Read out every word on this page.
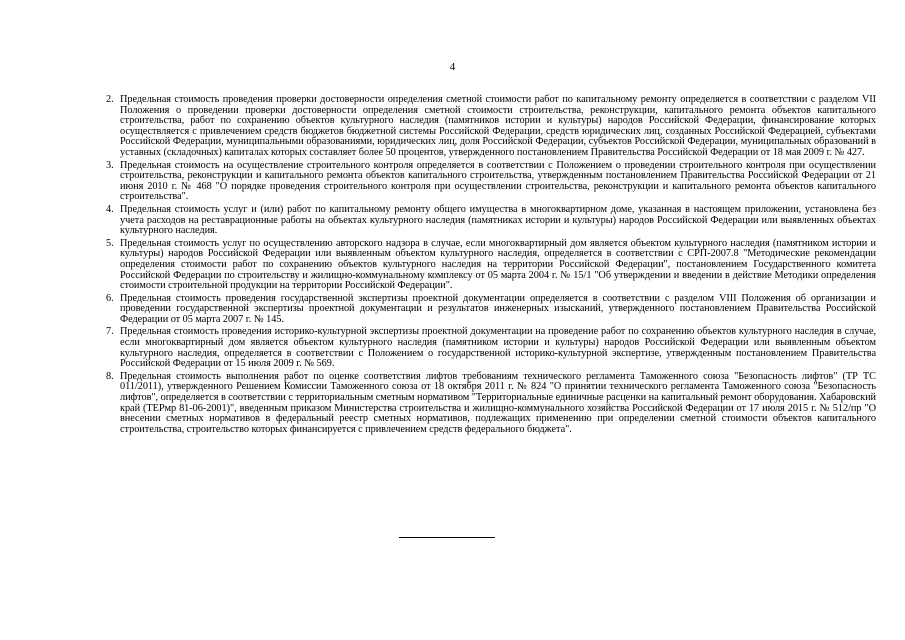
4
2. Предельная стоимость проведения проверки достоверности определения сметной стоимости работ по капитальному ремонту определяется в соответствии с разделом VII Положения о проведении проверки достоверности определения сметной стоимости строительства, реконструкции, капитального ремонта объектов капитального строительства, работ по сохранению объектов культурного наследия (памятников истории и культуры) народов Российской Федерации, финансирование которых осуществляется с привлечением средств бюджетов бюджетной системы Российской Федерации, средств юридических лиц, созданных Российской Федерацией, субъектами Российской Федерации, муниципальными образованиями, юридических лиц, доля Российской Федерации, субъектов Российской Федерации, муниципальных образований в уставных (складочных) капиталах которых составляет более 50 процентов, утвержденного постановлением Правительства Российской Федерации от 18 мая 2009 г. № 427.
3. Предельная стоимость на осуществление строительного контроля определяется в соответствии с Положением о проведении строительного контроля при осуществлении строительства, реконструкции и капитального ремонта объектов капитального строительства, утвержденным постановлением Правительства Российской Федерации от 21 июня 2010 г. № 468 "О порядке проведения строительного контроля при осуществлении строительства, реконструкции и капитального ремонта объектов капитального строительства".
4. Предельная стоимость услуг и (или) работ по капитальному ремонту общего имущества в многоквартирном доме, указанная в настоящем приложении, установлена без учета расходов на реставрационные работы на объектах культурного наследия (памятниках истории и культуры) народов Российской Федерации или выявленных объектах культурного наследия.
5. Предельная стоимость услуг по осуществлению авторского надзора в случае, если многоквартирный дом является объектом культурного наследия (памятником истории и культуры) народов Российской Федерации или выявленным объектом культурного наследия, определяется в соответствии с СРП-2007.8 "Методические рекомендации определения стоимости работ по сохранению объектов культурного наследия на территории Российской Федерации", постановлением Государственного комитета Российской Федерации по строительству и жилищно-коммунальному комплексу от 05 марта 2004 г. № 15/1 "Об утверждении и введении в действие Методики определения стоимости строительной продукции на территории Российской Федерации".
6. Предельная стоимость проведения государственной экспертизы проектной документации определяется в соответствии с разделом VIII Положения об организации и проведении государственной экспертизы проектной документации и результатов инженерных изысканий, утвержденного постановлением Правительства Российской Федерации от 05 марта 2007 г. № 145.
7. Предельная стоимость проведения историко-культурной экспертизы проектной документации на проведение работ по сохранению объектов культурного наследия в случае, если многоквартирный дом является объектом культурного наследия (памятником истории и культуры) народов Российской Федерации или выявленным объектом культурного наследия, определяется в соответствии с Положением о государственной историко-культурной экспертизе, утвержденным постановлением Правительства Российской Федерации от 15 июля 2009 г. № 569.
8. Предельная стоимость выполнения работ по оценке соответствия лифтов требованиям технического регламента Таможенного союза "Безопасность лифтов" (ТР ТС 011/2011), утвержденного Решением Комиссии Таможенного союза от 18 октября 2011 г. № 824 "О принятии технического регламента Таможенного союза "Безопасность лифтов", определяется в соответствии с территориальным сметным нормативом "Территориальные единичные расценки на капитальный ремонт оборудования. Хабаровский край (ТЕРмр 81-06-2001)", введенным приказом Министерства строительства и жилищно-коммунального хозяйства Российской Федерации от 17 июля 2015 г. № 512/пр "О внесении сметных нормативов в федеральный реестр сметных нормативов, подлежащих применению при определении сметной стоимости объектов капитального строительства, строительство которых финансируется с привлечением средств федерального бюджета".
